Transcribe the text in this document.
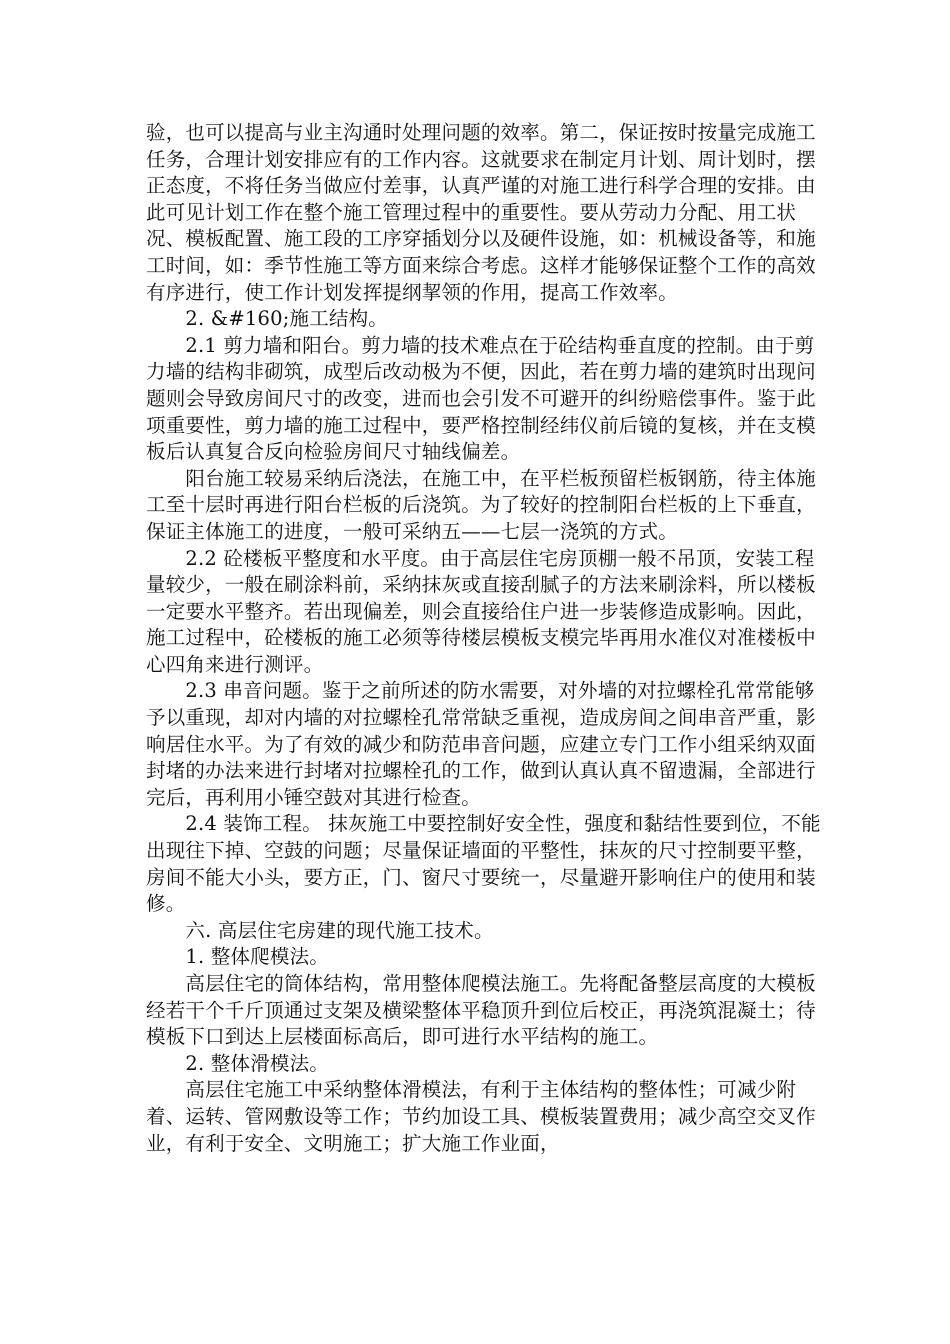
验，也可以提高与业主沟通时处理问题的效率。第二，保证按时按量完成施工任务，合理计划安排应有的工作内容。这就要求在制定月计划、周计划时，摆正态度，不将任务当做应付差事，认真严谨的对施工进行科学合理的安排。由此可见计划工作在整个施工管理过程中的重要性。要从劳动力分配、用工状况、模板配置、施工段的工序穿插划分以及硬件设施，如：机械设备等，和施工时间，如：季节性施工等方面来综合考虑。这样才能够保证整个工作的高效有序进行，使工作计划发挥提纲挈领的作用，提高工作效率。

　　2. &#160;施工结构。

　　2.1 剪力墙和阳台。剪力墙的技术难点在于砼结构垂直度的控制。由于剪力墙的结构非砌筑，成型后改动极为不便，因此，若在剪力墙的建筑时出现问题则会导致房间尺寸的改变，进而也会引发不可避开的纠纷赔偿事件。鉴于此项重要性，剪力墙的施工过程中，要严格控制经纬仪前后镜的复核，并在支模板后认真复合反向检验房间尺寸轴线偏差。

　　阳台施工较易采纳后浇法，在施工中，在平栏板预留栏板钢筋，待主体施工至十层时再进行阳台栏板的后浇筑。为了较好的控制阳台栏板的上下垂直，保证主体施工的进度，一般可采纳五——七层一浇筑的方式。

　　2.2 砼楼板平整度和水平度。由于高层住宅房顶棚一般不吊顶，安装工程量较少，一般在刷涂料前，采纳抹灰或直接刮腻子的方法来刷涂料，所以楼板一定要水平整齐。若出现偏差，则会直接给住户进一步装修造成影响。因此，施工过程中，砼楼板的施工必须等待楼层模板支模完毕再用水准仪对准楼板中心四角来进行测评。

　　2.3 串音问题。鉴于之前所述的防水需要，对外墙的对拉螺栓孔常常能够予以重现，却对内墙的对拉螺栓孔常常缺乏重视，造成房间之间串音严重，影响居住水平。为了有效的减少和防范串音问题，应建立专门工作小组采纳双面封堵的办法来进行封堵对拉螺栓孔的工作，做到认真认真不留遗漏，全部进行完后，再利用小锤空鼓对其进行检查。

　　2.4 装饰工程。 抹灰施工中要控制好安全性，强度和黏结性要到位，不能出现往下掉、空鼓的问题；尽量保证墙面的平整性，抹灰的尺寸控制要平整，房间不能大小头，要方正，门、窗尺寸要统一，尽量避开影响住户的使用和装修。

　　六. 高层住宅房建的现代施工技术。

　　1. 整体爬模法。

　　高层住宅的筒体结构，常用整体爬模法施工。先将配备整层高度的大模板经若干个千斤顶通过支架及横梁整体平稳顶升到位后校正，再浇筑混凝土；待模板下口到达上层楼面标高后，即可进行水平结构的施工。

　　2. 整体滑模法。

　　高层住宅施工中采纳整体滑模法，有利于主体结构的整体性；可减少附着、运转、管网敷设等工作；节约加设工具、模板装置费用；减少高空交叉作业，有利于安全、文明施工；扩大施工作业面，
